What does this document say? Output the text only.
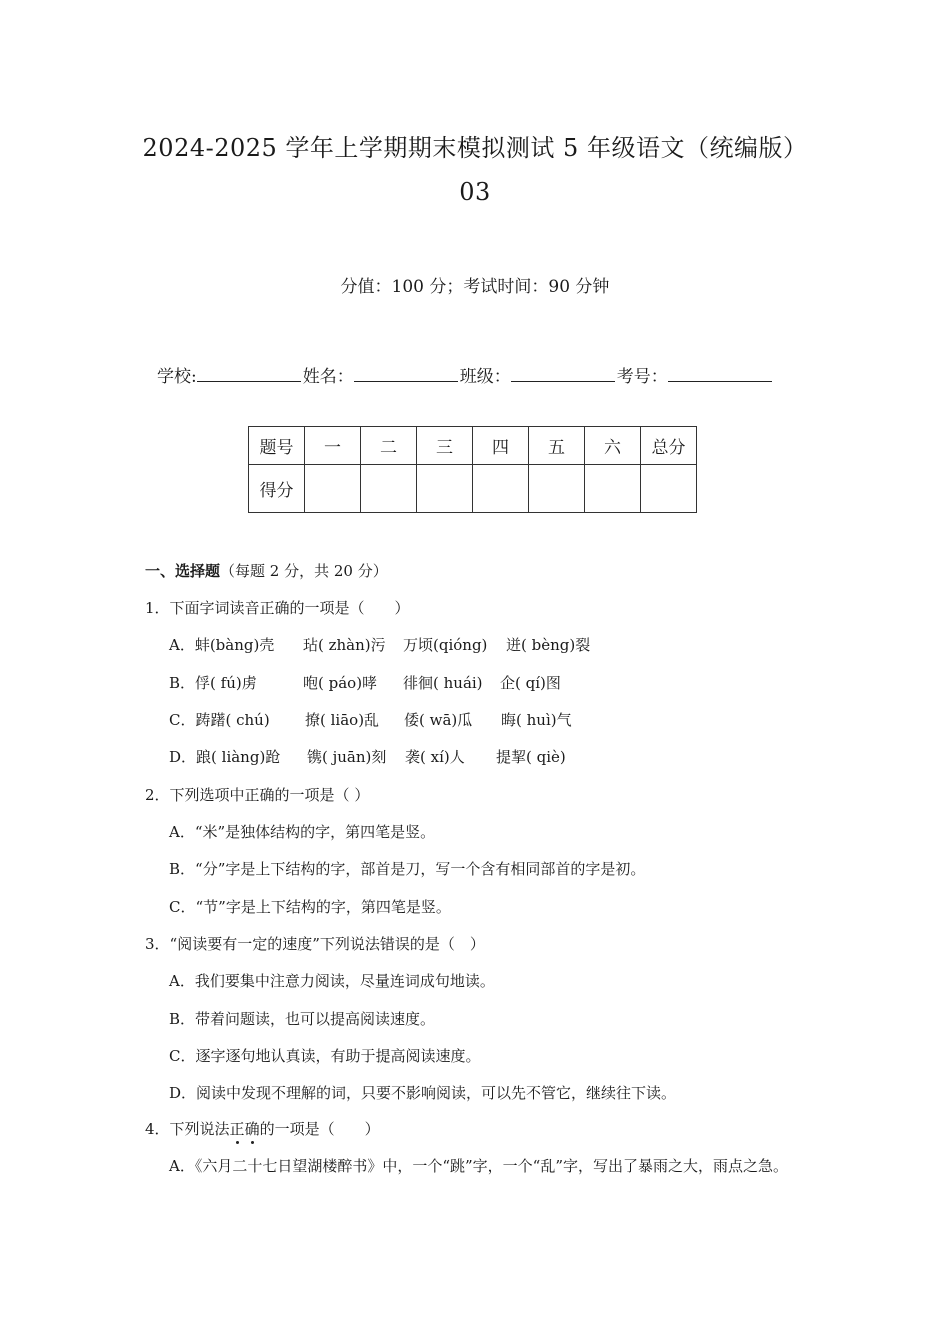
2024-2025 学年上学期期末模拟测试 5 年级语文（统编版）
03
分值：100 分；考试时间：90 分钟
学校:	姓名：	班级：	考号：
题号	一	二	三	四	五	六	总分
得分							
一、选择题（每题 2 分，共 20 分）
1．下面字词读音正确的一项是（　　）
A．蚌(bàng)壳 玷( zhàn)污 万顷(qióng) 迸( bèng)裂
B．俘( fú)虏	咆( páo)哮 徘徊( huái) 企( qí)图
C．踌躇( chú) 撩( liāo)乱 倭( wā)瓜 晦( huì)气
D．踉( liàng)跄 镌( juān)刻 袭( xí)人 提挈( qiè)
2．下列选项中正确的一项是（ ）
A．“米”是独体结构的字，第四笔是竖。
B．“分”字是上下结构的字，部首是刀，写一个含有相同部首的字是初。
C．“节”字是上下结构的字，第四笔是竖。
3．“阅读要有一定的速度”下列说法错误的是（　）
A．我们要集中注意力阅读，尽量连词成句地读。
B．带着问题读，也可以提高阅读速度。
C．逐字逐句地认真读，有助于提高阅读速度。
D．阅读中发现不理解的词，只要不影响阅读，可以先不管它，继续往下读。
4．下列说法正确的一项是（　　）
A．《六月二十七日望湖楼醉书》中，一个“跳”字，一个“乱”字，写出了暴雨之大，雨点之急。
